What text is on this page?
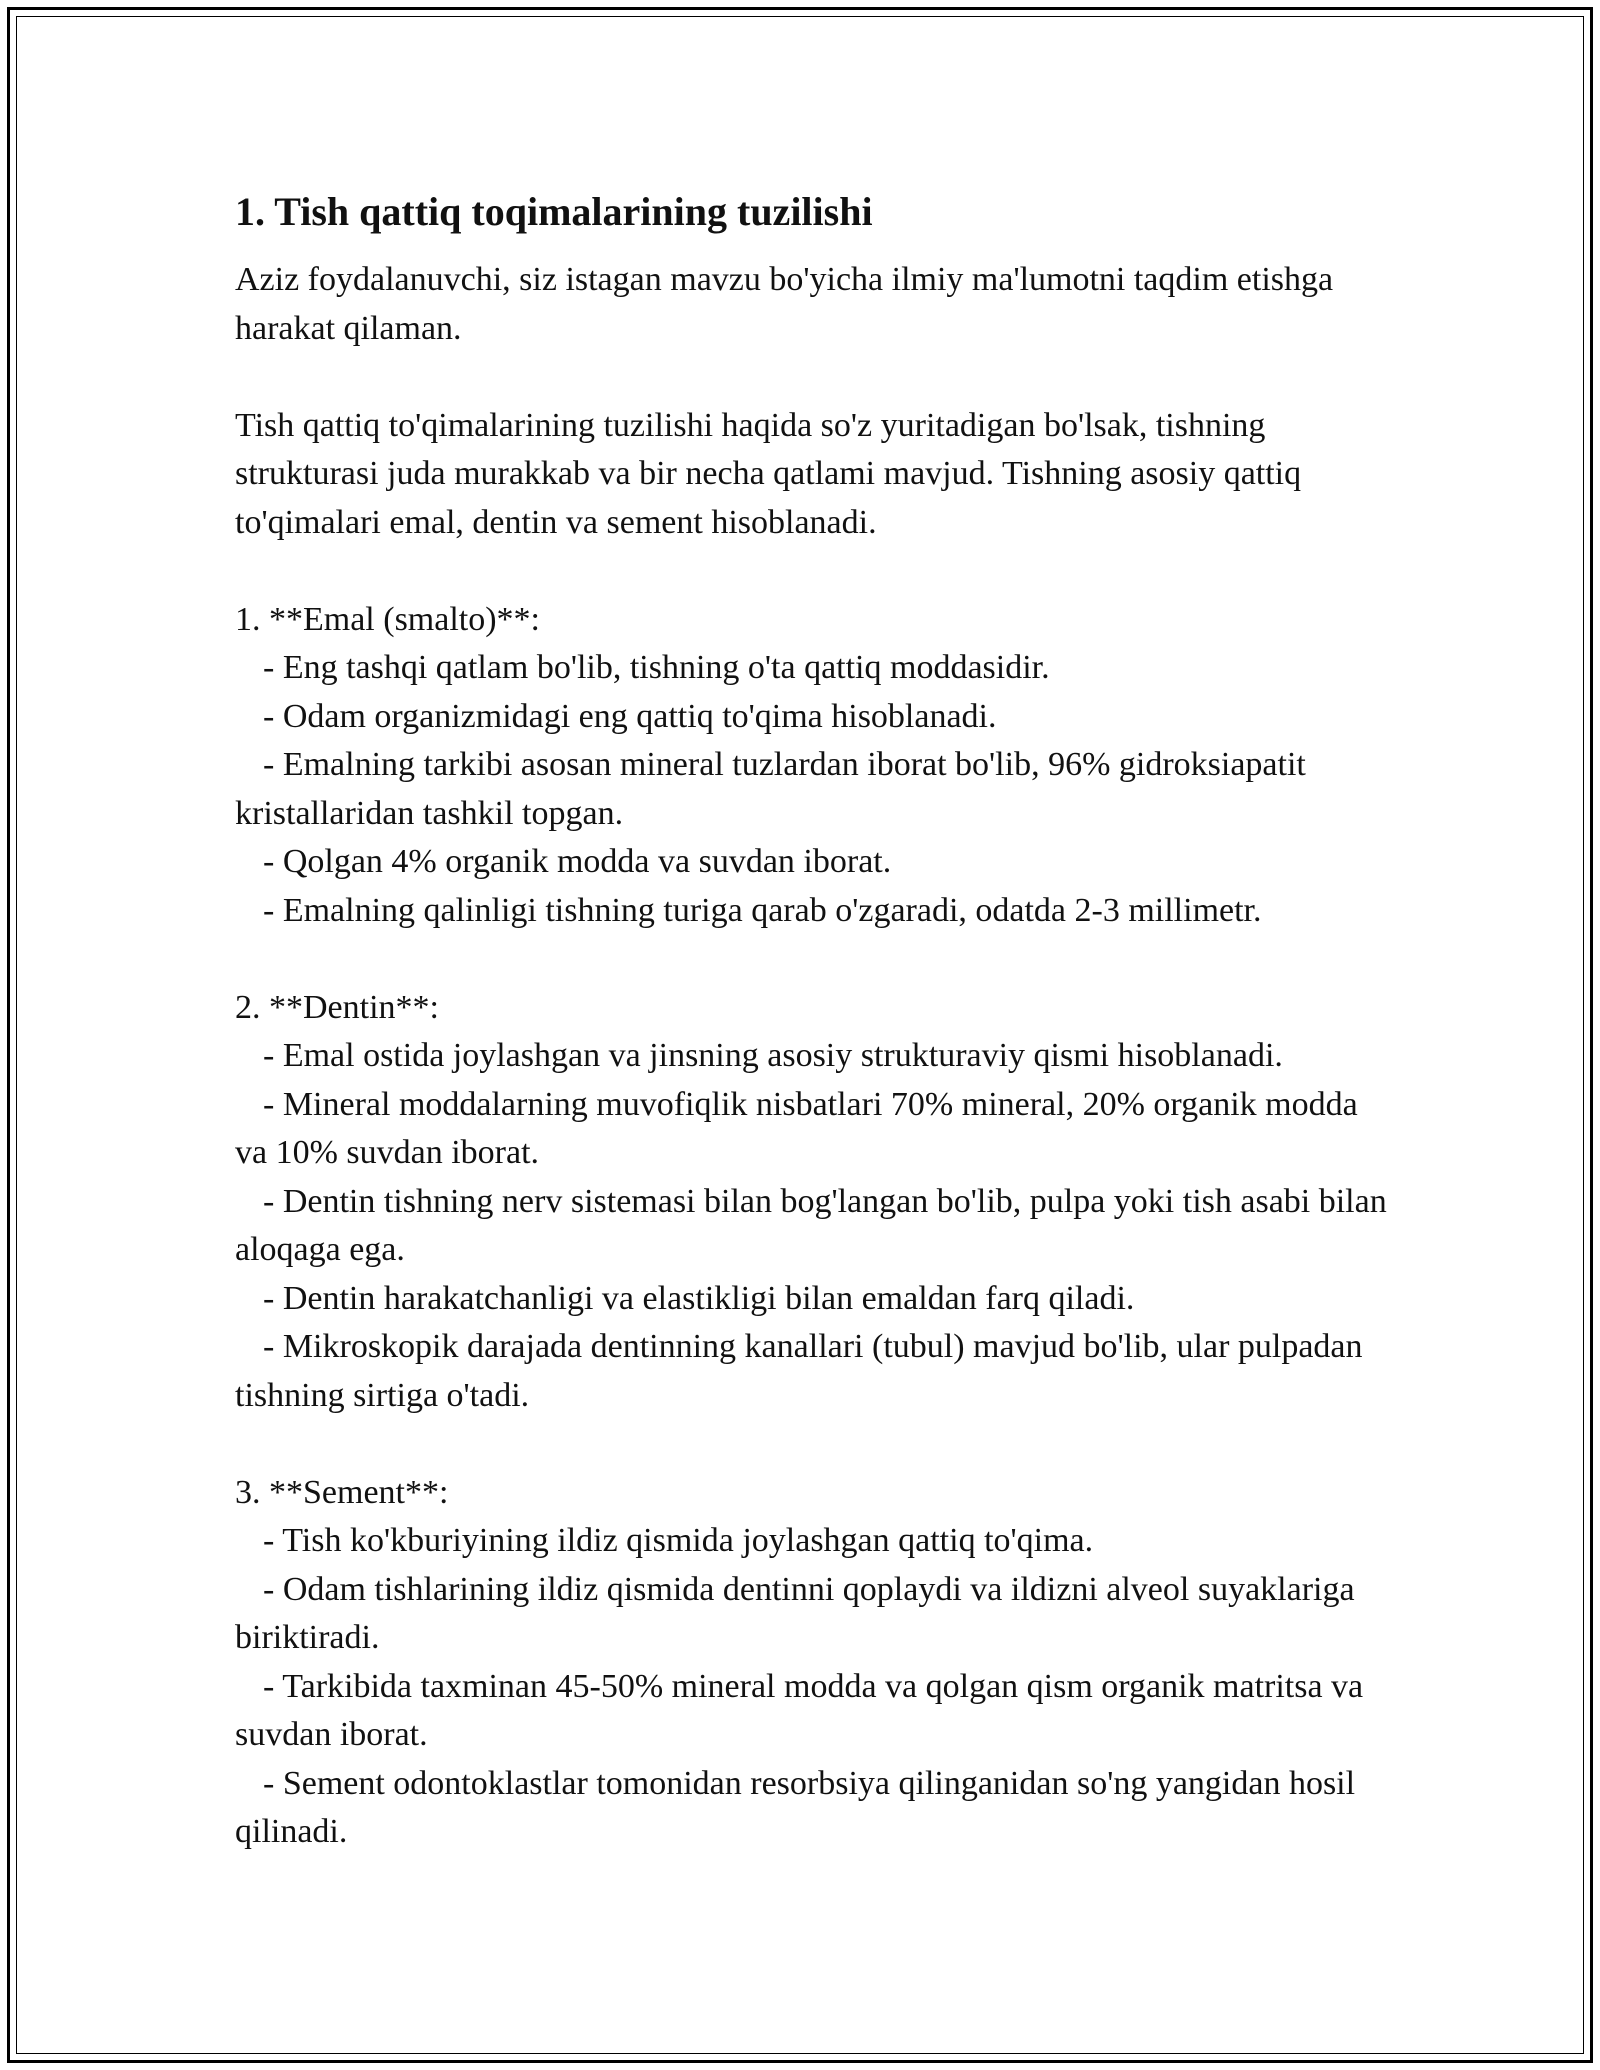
1. Tish qattiq toqimalarining tuzilishi

Aziz foydalanuvchi, siz istagan mavzu bo'yicha ilmiy ma'lumotni taqdim etishga harakat qilaman.

Tish qattiq to'qimalarining tuzilishi haqida so'z yuritadigan bo'lsak, tishning strukturasi juda murakkab va bir necha qatlami mavjud. Tishning asosiy qattiq to'qimalari emal, dentin va sement hisoblanadi.

1. **Emal (smalto)**:

- Eng tashqi qatlam bo'lib, tishning o'ta qattiq moddasidir.

- Odam organizmidagi eng qattiq to'qima hisoblanadi.

- Emalning tarkibi asosan mineral tuzlardan iborat bo'lib, 96% gidroksiapatit kristallaridan tashkil topgan.

- Qolgan 4% organik modda va suvdan iborat.

- Emalning qalinligi tishning turiga qarab o'zgaradi, odatda 2-3 millimetr.

2. **Dentin**:

- Emal ostida joylashgan va jinsning asosiy strukturaviy qismi hisoblanadi.

- Mineral moddalarning muvofiqlik nisbatlari 70% mineral, 20% organik modda va 10% suvdan iborat.

- Dentin tishning nerv sistemasi bilan bog'langan bo'lib, pulpa yoki tish asabi bilan aloqaga ega.

- Dentin harakatchanligi va elastikligi bilan emaldan farq qiladi.

- Mikroskopik darajada dentinning kanallari (tubul) mavjud bo'lib, ular pulpadan tishning sirtiga o'tadi.

3. **Sement**:

- Tish ko'kburiyining ildiz qismida joylashgan qattiq to'qima.

- Odam tishlarining ildiz qismida dentinni qoplaydi va ildizni alveol suyaklariga biriktiradi.

- Tarkibida taxminan 45-50% mineral modda va qolgan qism organik matritsa va suvdan iborat.

- Sement odontoklastlar tomonidan resorbsiya qilinganidan so'ng yangidan hosil qilinadi.
